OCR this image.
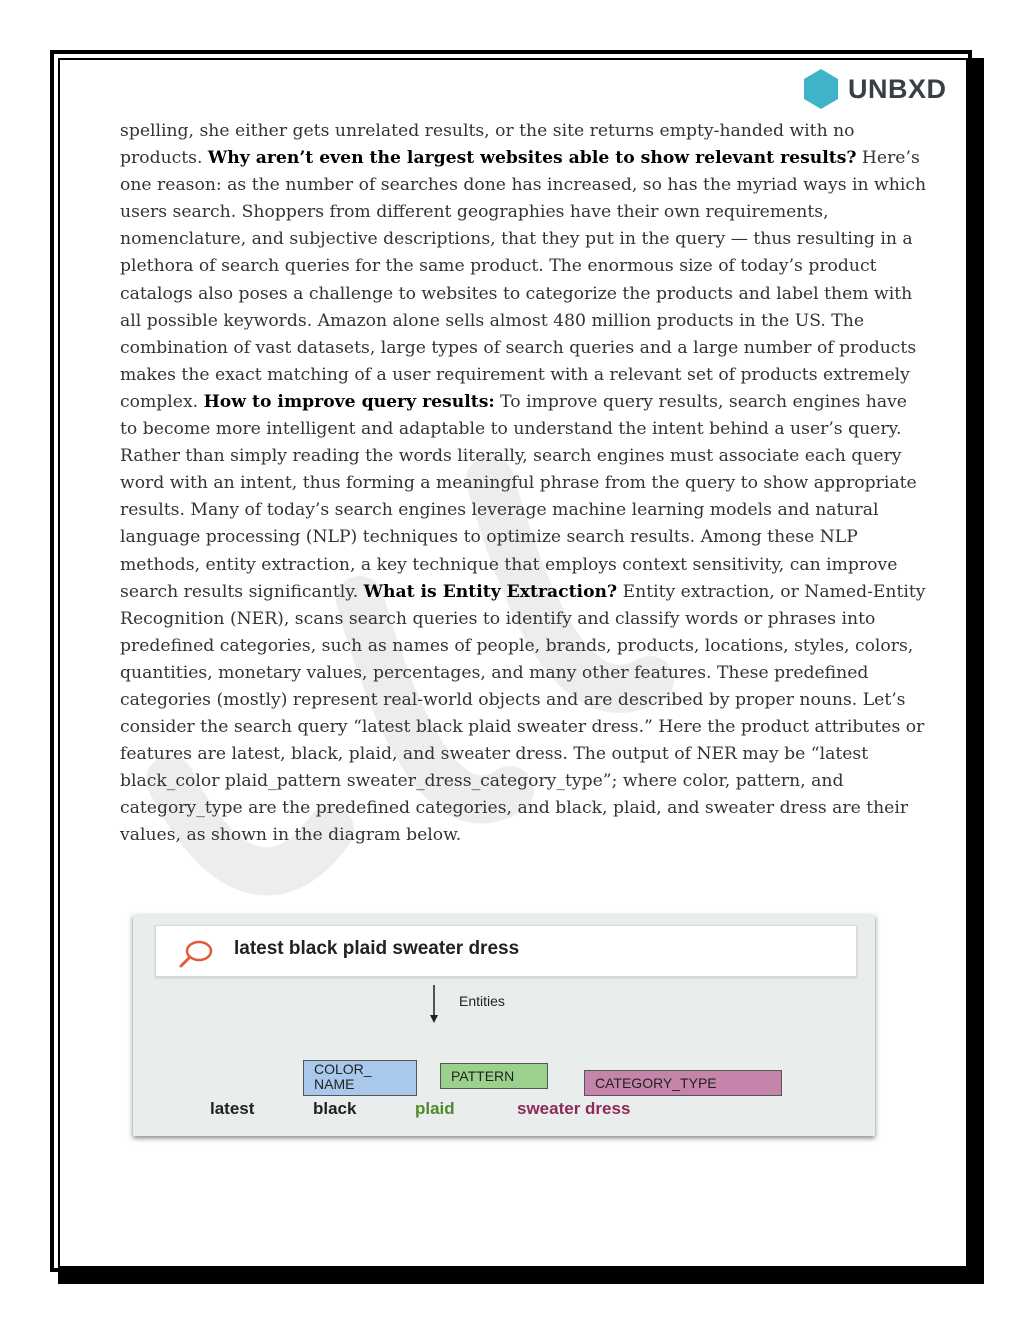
UNBXD
spelling, she either gets unrelated results, or the site returns empty-handed with no
products. Why aren’t even the largest websites able to show relevant results? Here’s
one reason: as the number of searches done has increased, so has the myriad ways in which
users search. Shoppers from different geographies have their own requirements,
nomenclature, and subjective descriptions, that they put in the query — thus resulting in a
plethora of search queries for the same product. The enormous size of today’s product
catalogs also poses a challenge to websites to categorize the products and label them with
all possible keywords. Amazon alone sells almost 480 million products in the US. The
combination of vast datasets, large types of search queries and a large number of products
makes the exact matching of a user requirement with a relevant set of products extremely
complex. How to improve query results: To improve query results, search engines have
to become more intelligent and adaptable to understand the intent behind a user’s query.
Rather than simply reading the words literally, search engines must associate each query
word with an intent, thus forming a meaningful phrase from the query to show appropriate
results. Many of today’s search engines leverage machine learning models and natural
language processing (NLP) techniques to optimize search results. Among these NLP
methods, entity extraction, a key technique that employs context sensitivity, can improve
search results significantly. What is Entity Extraction? Entity extraction, or Named-Entity
Recognition (NER), scans search queries to identify and classify words or phrases into
predefined categories, such as names of people, brands, products, locations, styles, colors,
quantities, monetary values, percentages, and many other features. These predefined
categories (mostly) represent real-world objects and are described by proper nouns. Let’s
consider the search query “latest black plaid sweater dress.” Here the product attributes or
features are latest, black, plaid, and sweater dress. The output of NER may be “latest
black_color plaid_pattern sweater_dress_category_type”; where color, pattern, and
category_type are the predefined categories, and black, plaid, and sweater dress are their
values, as shown in the diagram below.
latest black plaid sweater dress
Entities
COLOR_ NAME	PATTERN	CATEGORY_TYPE
latest	black	plaid	sweater dress
